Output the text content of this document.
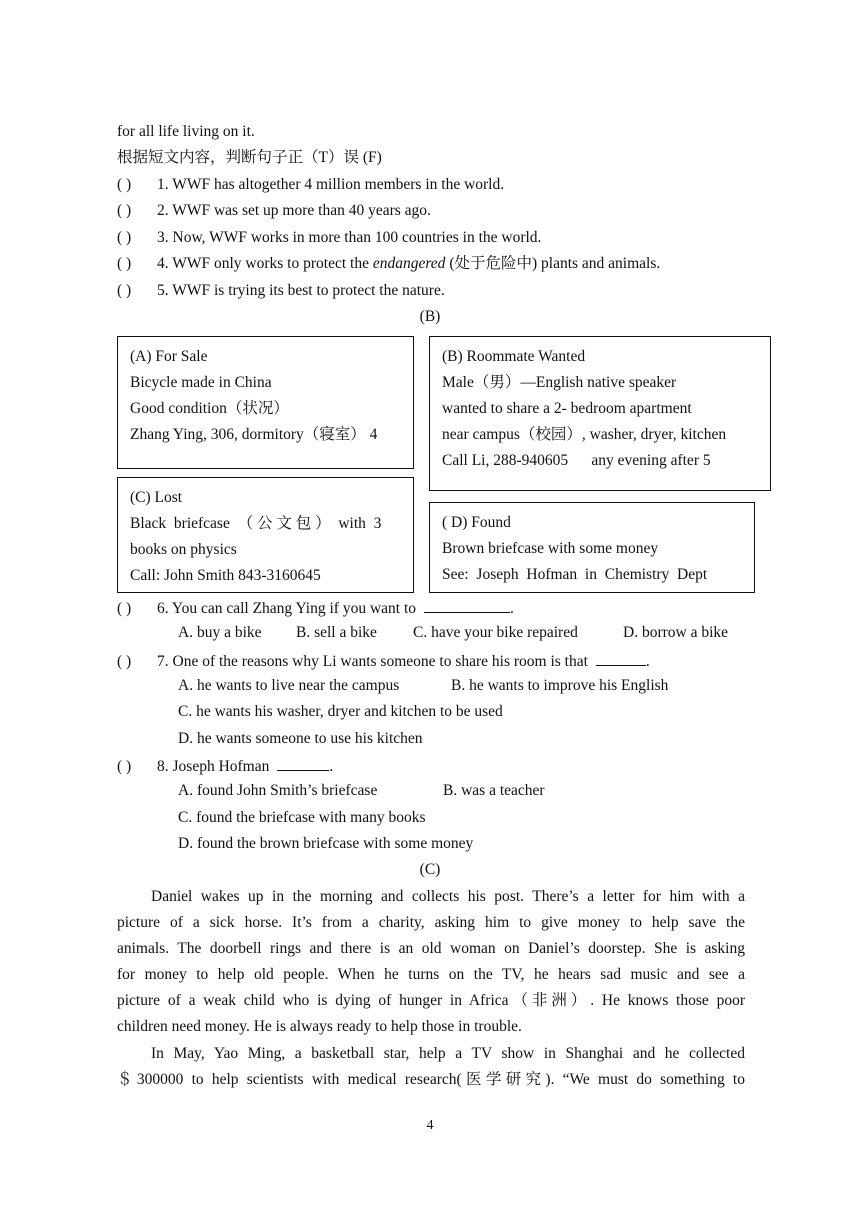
for all life living on it.
根据短文内容，判断句子正（T）误 (F)
( ) 1. WWF has altogether 4 million members in the world.
( ) 2. WWF was set up more than 40 years ago.
( ) 3. Now, WWF works in more than 100 countries in the world.
( ) 4. WWF only works to protect the endangered (处于危险中) plants and animals.
( ) 5. WWF is trying its best to protect the nature.
(B)
(A) For Sale
Bicycle made in China
Good condition（状况）
Zhang Ying, 306, dormitory（寝室） 4
(B) Roommate Wanted
Male（男）—English native speaker
wanted to share a 2- bedroom apartment
near campus（校园）, washer, dryer, kitchen
Call Li, 288-940605      any evening after 5
(C) Lost
Black  briefcase  （ 公 文 包 ）  with  3
books on physics
Call: John Smith 843-3160645
( D) Found
Brown briefcase with some money
See:  Joseph  Hofman  in  Chemistry  Dept
( ) 6. You can call Zhang Ying if you want to	.
A. buy a bike B. sell a bike C. have your bike repaired	D. borrow a bike
( ) 7. One of the reasons why Li wants someone to share his room is that	.
A. he wants to live near the campus	B. he wants to improve his English
C. he wants his washer, dryer and kitchen to be used
D. he wants someone to use his kitchen
( ) 8. Joseph Hofman	.
A. found John Smith’s briefcase	B. was a teacher
C. found the briefcase with many books
D. found the brown briefcase with some money
(C)
Daniel wakes up in the morning and collects his post. There’s a letter for him with a
picture of a sick horse. It’s from a charity, asking him to give money to help save the
animals. The doorbell rings and there is an old woman on Daniel’s doorstep. She is asking
for money to help old people. When he turns on the TV, he hears sad music and see a
picture of a weak child who is dying of hunger in Africa（非洲）. He knows those poor
children need money. He is always ready to help those in trouble.
In May, Yao Ming, a basketball star, help a TV show in Shanghai and he collected
＄300000 to help scientists with medical research(医学研究). “We must do something to
4
